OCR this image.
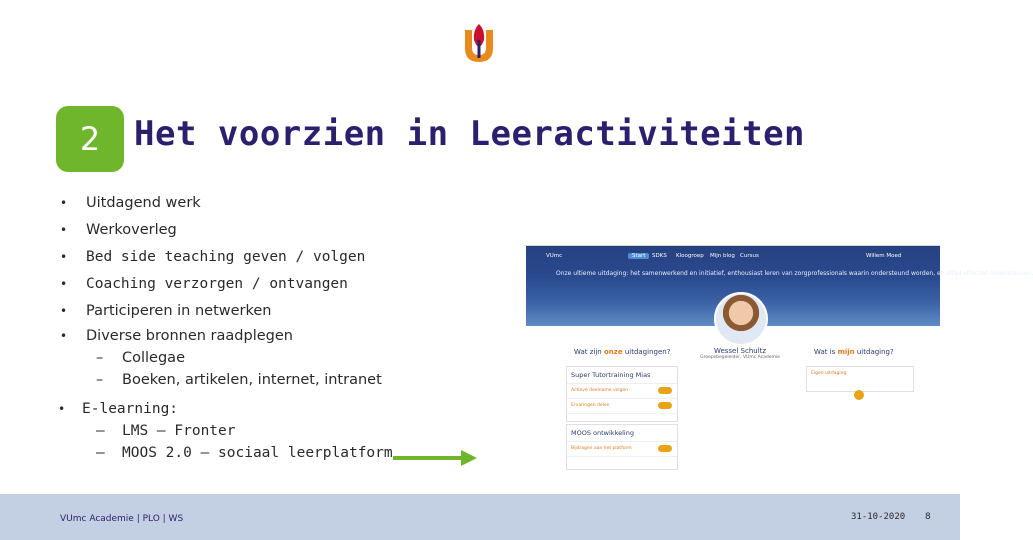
2 Het voorzien in Leeractiviteiten
• Uitdagend werk
• Werkoverleg
• Bed side teaching geven / volgen
• Coaching verzorgen / ontvangen
• Participeren in netwerken
• Diverse bronnen raadplegen
– Collegae
– Boeken, artikelen, internet, intranet
• E-learning:
– LMS – Fronter
– MOOS 2.0 – sociaal leerplatform
VUmc	Start	SDKS Kloogroep Mijn blog Cursus	Willem Moed
Onze ultieme uitdaging: het samenwerkend en initiatief, enthousiast leren van zorgprofessionals waarin ondersteund worden, en altijd effectief ondersteunen.
Wat zijn onze uitdagingen?	Wessel Schultz
Groepsbegeleider, VUmc Academie
Wat is mijn uitdaging?
Super Tutortraining Mias
Actieve deelname volgen
Ervaringen delen
MOOS ontwikkeling
Bijdragen aan het platform
Eigen uitdaging
VUmc Academie | PLO | WS	31-10-2020 8
